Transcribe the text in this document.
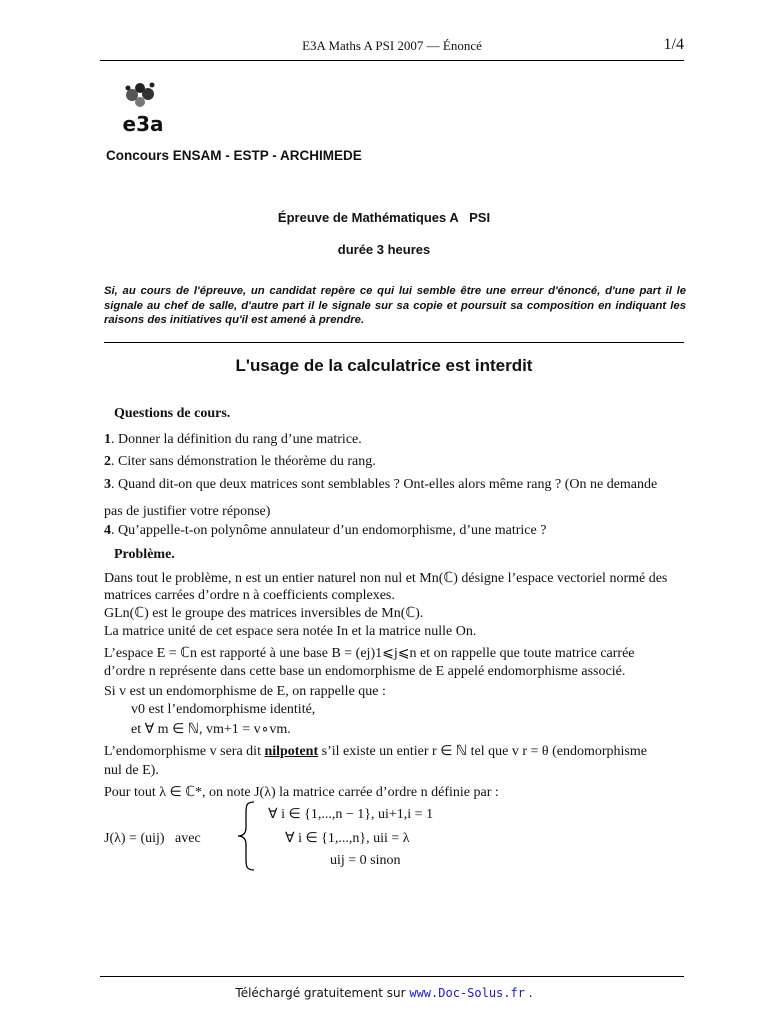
E3A Maths A PSI 2007 — Énoncé	1/4
e3a
Concours ENSAM - ESTP - ARCHIMEDE
Épreuve de Mathématiques A   PSI
durée 3 heures
Si, au cours de l'épreuve, un candidat repère ce qui lui semble être une erreur d'énoncé, d'une part il le signale au chef de salle, d'autre part il le signale sur sa copie et poursuit sa composition en indiquant les raisons des initiatives qu'il est amené à prendre.
L'usage de la calculatrice est interdit
Questions de cours.
1. Donner la définition du rang d’une matrice.
2. Citer sans démonstration le théorème du rang.
3. Quand dit-on que deux matrices sont semblables ? Ont-elles alors même rang ? (On ne demande
pas de justifier votre réponse)
4. Qu’appelle-t-on polynôme annulateur d’un endomorphisme, d’une matrice ?
Problème.
Dans tout le problème, n est un entier naturel non nul et Mn(ℂ) désigne l’espace vectoriel normé des matrices carrées d’ordre n à coefficients complexes.
GLn(ℂ) est le groupe des matrices inversibles de Mn(ℂ).
La matrice unité de cet espace sera notée In et la matrice nulle On.
L’espace E = ℂn est rapporté à une base B = (ej)1⩽j⩽n et on rappelle que toute matrice carrée
d’ordre n représente dans cette base un endomorphisme de E appelé endomorphisme associé.
Si v est un endomorphisme de E, on rappelle que :
v0 est l’endomorphisme identité,
et ∀ m ∈ ℕ, vm+1 = v∘vm.
L’endomorphisme v sera dit nilpotent s’il existe un entier r ∈ ℕ tel que v r = θ (endomorphisme
nul de E).
Pour tout λ ∈ ℂ*, on note J(λ) la matrice carrée d’ordre n définie par :
J(λ) = (uij)   avec
∀ i ∈ {1,...,n − 1}, ui+1,i = 1
∀ i ∈ {1,...,n}, uii = λ
uij = 0 sinon
Téléchargé gratuitement sur www.Doc-Solus.fr .
